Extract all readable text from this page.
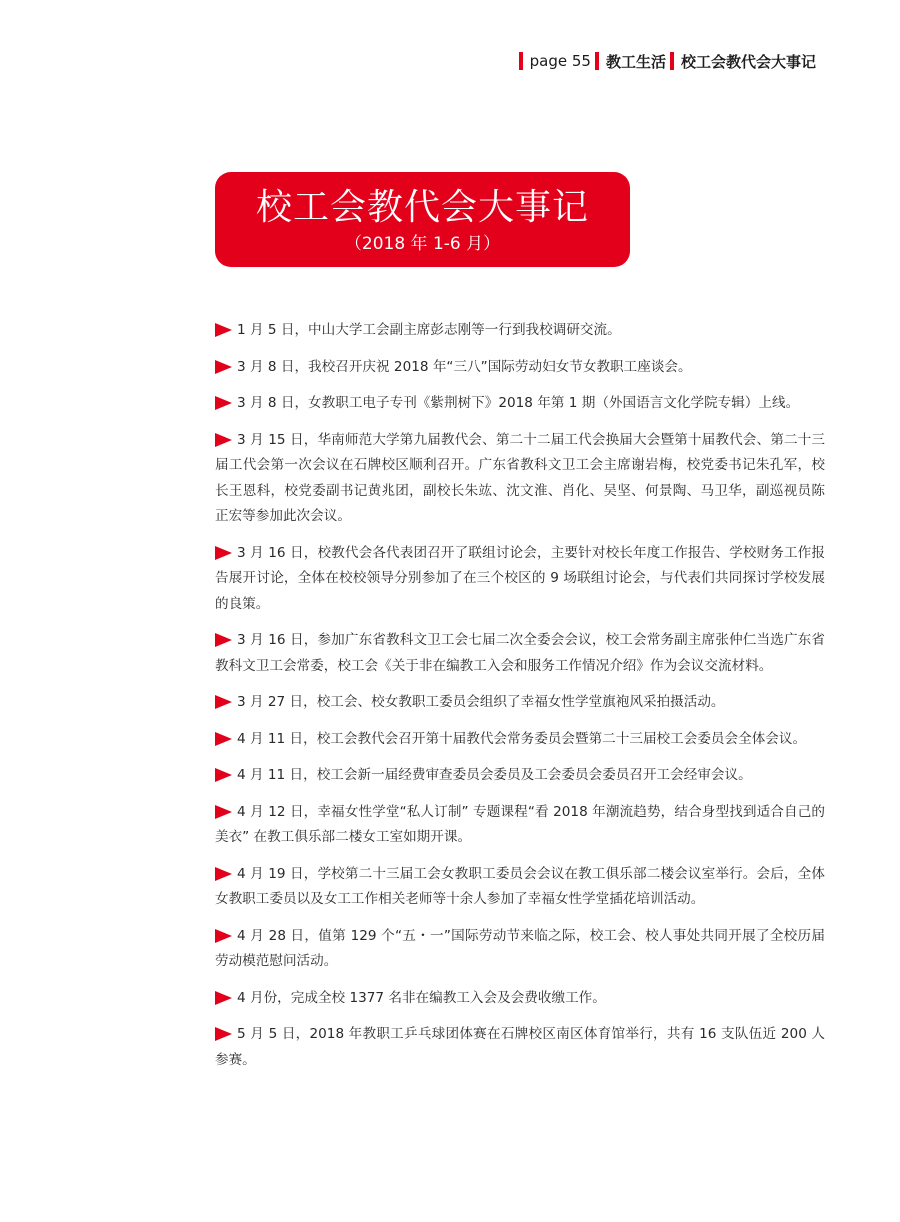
page 55 教工生活 校工会教代会大事记
校工会教代会大事记
（2018 年 1-6 月）
1 月 5 日，中山大学工会副主席彭志刚等一行到我校调研交流。
3 月 8 日，我校召开庆祝 2018 年“三八”国际劳动妇女节女教职工座谈会。
3 月 8 日，女教职工电子专刊《紫荆树下》2018 年第 1 期（外国语言文化学院专辑）上线。
3 月 15 日，华南师范大学第九届教代会、第二十二届工代会换届大会暨第十届教代会、第二十三届工代会第一次会议在石牌校区顺利召开。广东省教科文卫工会主席谢岩梅，校党委书记朱孔军，校长王恩科，校党委副书记黄兆团，副校长朱竑、沈文淮、肖化、吴坚、何景陶、马卫华，副巡视员陈正宏等参加此次会议。
3 月 16 日，校教代会各代表团召开了联组讨论会，主要针对校长年度工作报告、学校财务工作报告展开讨论，全体在校校领导分别参加了在三个校区的 9 场联组讨论会，与代表们共同探讨学校发展的良策。
3 月 16 日，参加广东省教科文卫工会七届二次全委会会议，校工会常务副主席张仲仁当选广东省教科文卫工会常委，校工会《关于非在编教工入会和服务工作情况介绍》作为会议交流材料。
3 月 27 日，校工会、校女教职工委员会组织了幸福女性学堂旗袍风采拍摄活动。
4 月 11 日，校工会教代会召开第十届教代会常务委员会暨第二十三届校工会委员会全体会议。
4 月 11 日，校工会新一届经费审查委员会委员及工会委员会委员召开工会经审会议。
4 月 12 日，幸福女性学堂“私人订制” 专题课程“看 2018 年潮流趋势，结合身型找到适合自己的美衣” 在教工俱乐部二楼女工室如期开课。
4 月 19 日，学校第二十三届工会女教职工委员会会议在教工俱乐部二楼会议室举行。会后，全体女教职工委员以及女工工作相关老师等十余人参加了幸福女性学堂插花培训活动。
4 月 28 日，值第 129 个“五・一”国际劳动节来临之际，校工会、校人事处共同开展了全校历届劳动模范慰问活动。
4 月份，完成全校 1377 名非在编教工入会及会费收缴工作。
5 月 5 日，2018 年教职工乒乓球团体赛在石牌校区南区体育馆举行，共有 16 支队伍近 200 人参赛。
